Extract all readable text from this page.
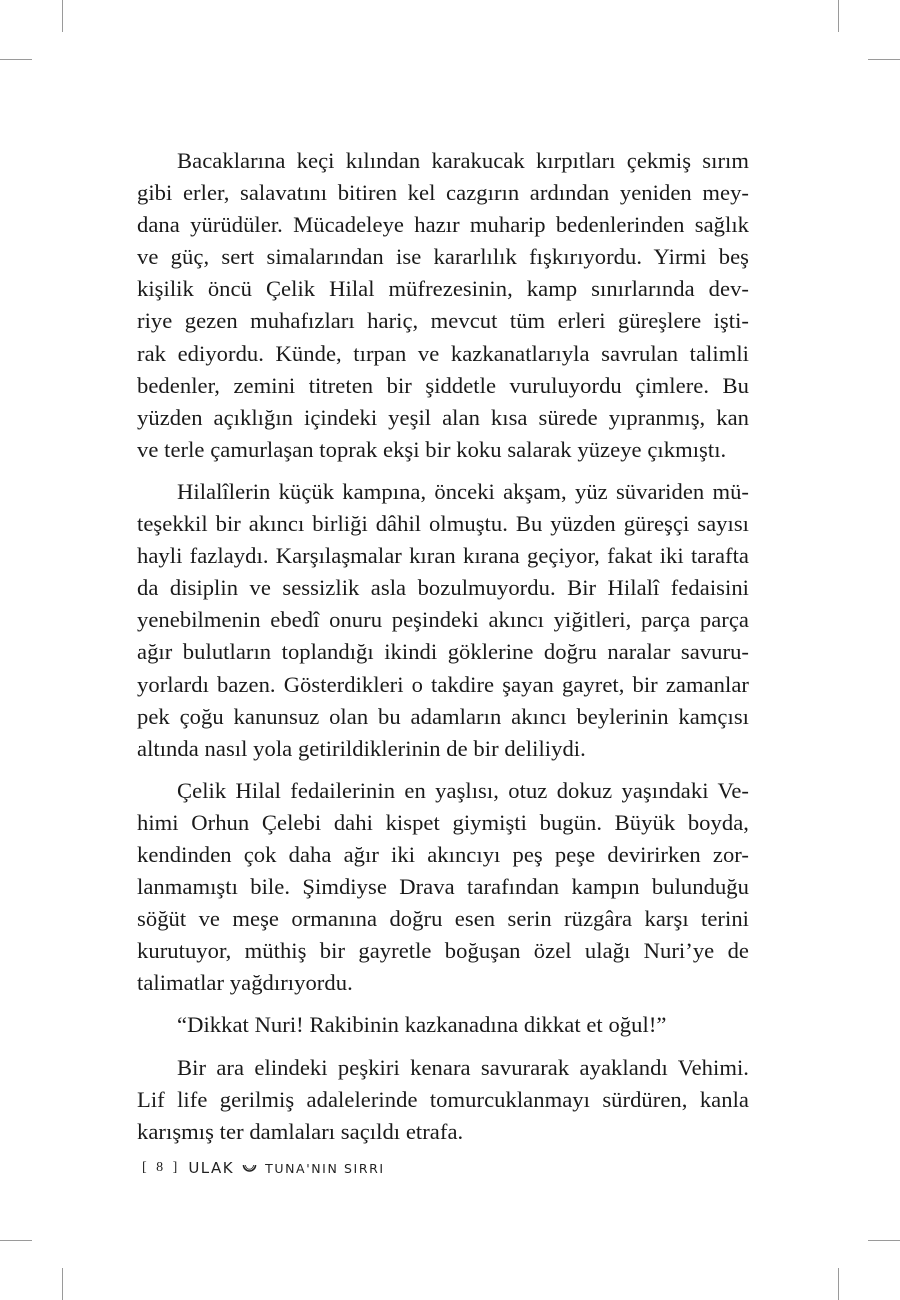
Bacaklarına keçi kılından karakucak kırpıtları çekmiş sırım
gibi erler, salavatını bitiren kel cazgırın ardından yeniden mey-
dana yürüdüler. Mücadeleye hazır muharip bedenlerinden sağlık
ve güç, sert simalarından ise kararlılık fışkırıyordu. Yirmi beş
kişilik öncü Çelik Hilal müfrezesinin, kamp sınırlarında dev-
riye gezen muhafızları hariç, mevcut tüm erleri güreşlere işti-
rak ediyordu. Künde, tırpan ve kazkanatlarıyla savrulan talimli
bedenler, zemini titreten bir şiddetle vuruluyordu çimlere. Bu
yüzden açıklığın içindeki yeşil alan kısa sürede yıpranmış, kan
ve terle çamurlaşan toprak ekşi bir koku salarak yüzeye çıkmıştı.

Hilalîlerin küçük kampına, önceki akşam, yüz süvariden mü-
teşekkil bir akıncı birliği dâhil olmuştu. Bu yüzden güreşçi sayısı
hayli fazlaydı. Karşılaşmalar kıran kırana geçiyor, fakat iki tarafta
da disiplin ve sessizlik asla bozulmuyordu. Bir Hilalî fedaisini
yenebilmenin ebedî onuru peşindeki akıncı yiğitleri, parça parça
ağır bulutların toplandığı ikindi göklerine doğru naralar savuru-
yorlardı bazen. Gösterdikleri o takdire şayan gayret, bir zamanlar
pek çoğu kanunsuz olan bu adamların akıncı beylerinin kamçısı
altında nasıl yola getirildiklerinin de bir deliliydi.

Çelik Hilal fedailerinin en yaşlısı, otuz dokuz yaşındaki Ve-
himi Orhun Çelebi dahi kispet giymişti bugün. Büyük boyda,
kendinden çok daha ağır iki akıncıyı peş peşe devirirken zor-
lanmamıştı bile. Şimdiyse Drava tarafından kampın bulunduğu
söğüt ve meşe ormanına doğru esen serin rüzgâra karşı terini
kurutuyor, müthiş bir gayretle boğuşan özel ulağı Nuri’ye de
talimatlar yağdırıyordu.

“Dikkat Nuri! Rakibinin kazkanadına dikkat et oğul!”

Bir ara elindeki peşkiri kenara savurarak ayaklandı Vehimi.
Lif life gerilmiş adalelerinde tomurcuklanmayı sürdüren, kanla
karışmış ter damlaları saçıldı etrafa.

[ 8 ] ULAK TUNA'NIN SIRRI
